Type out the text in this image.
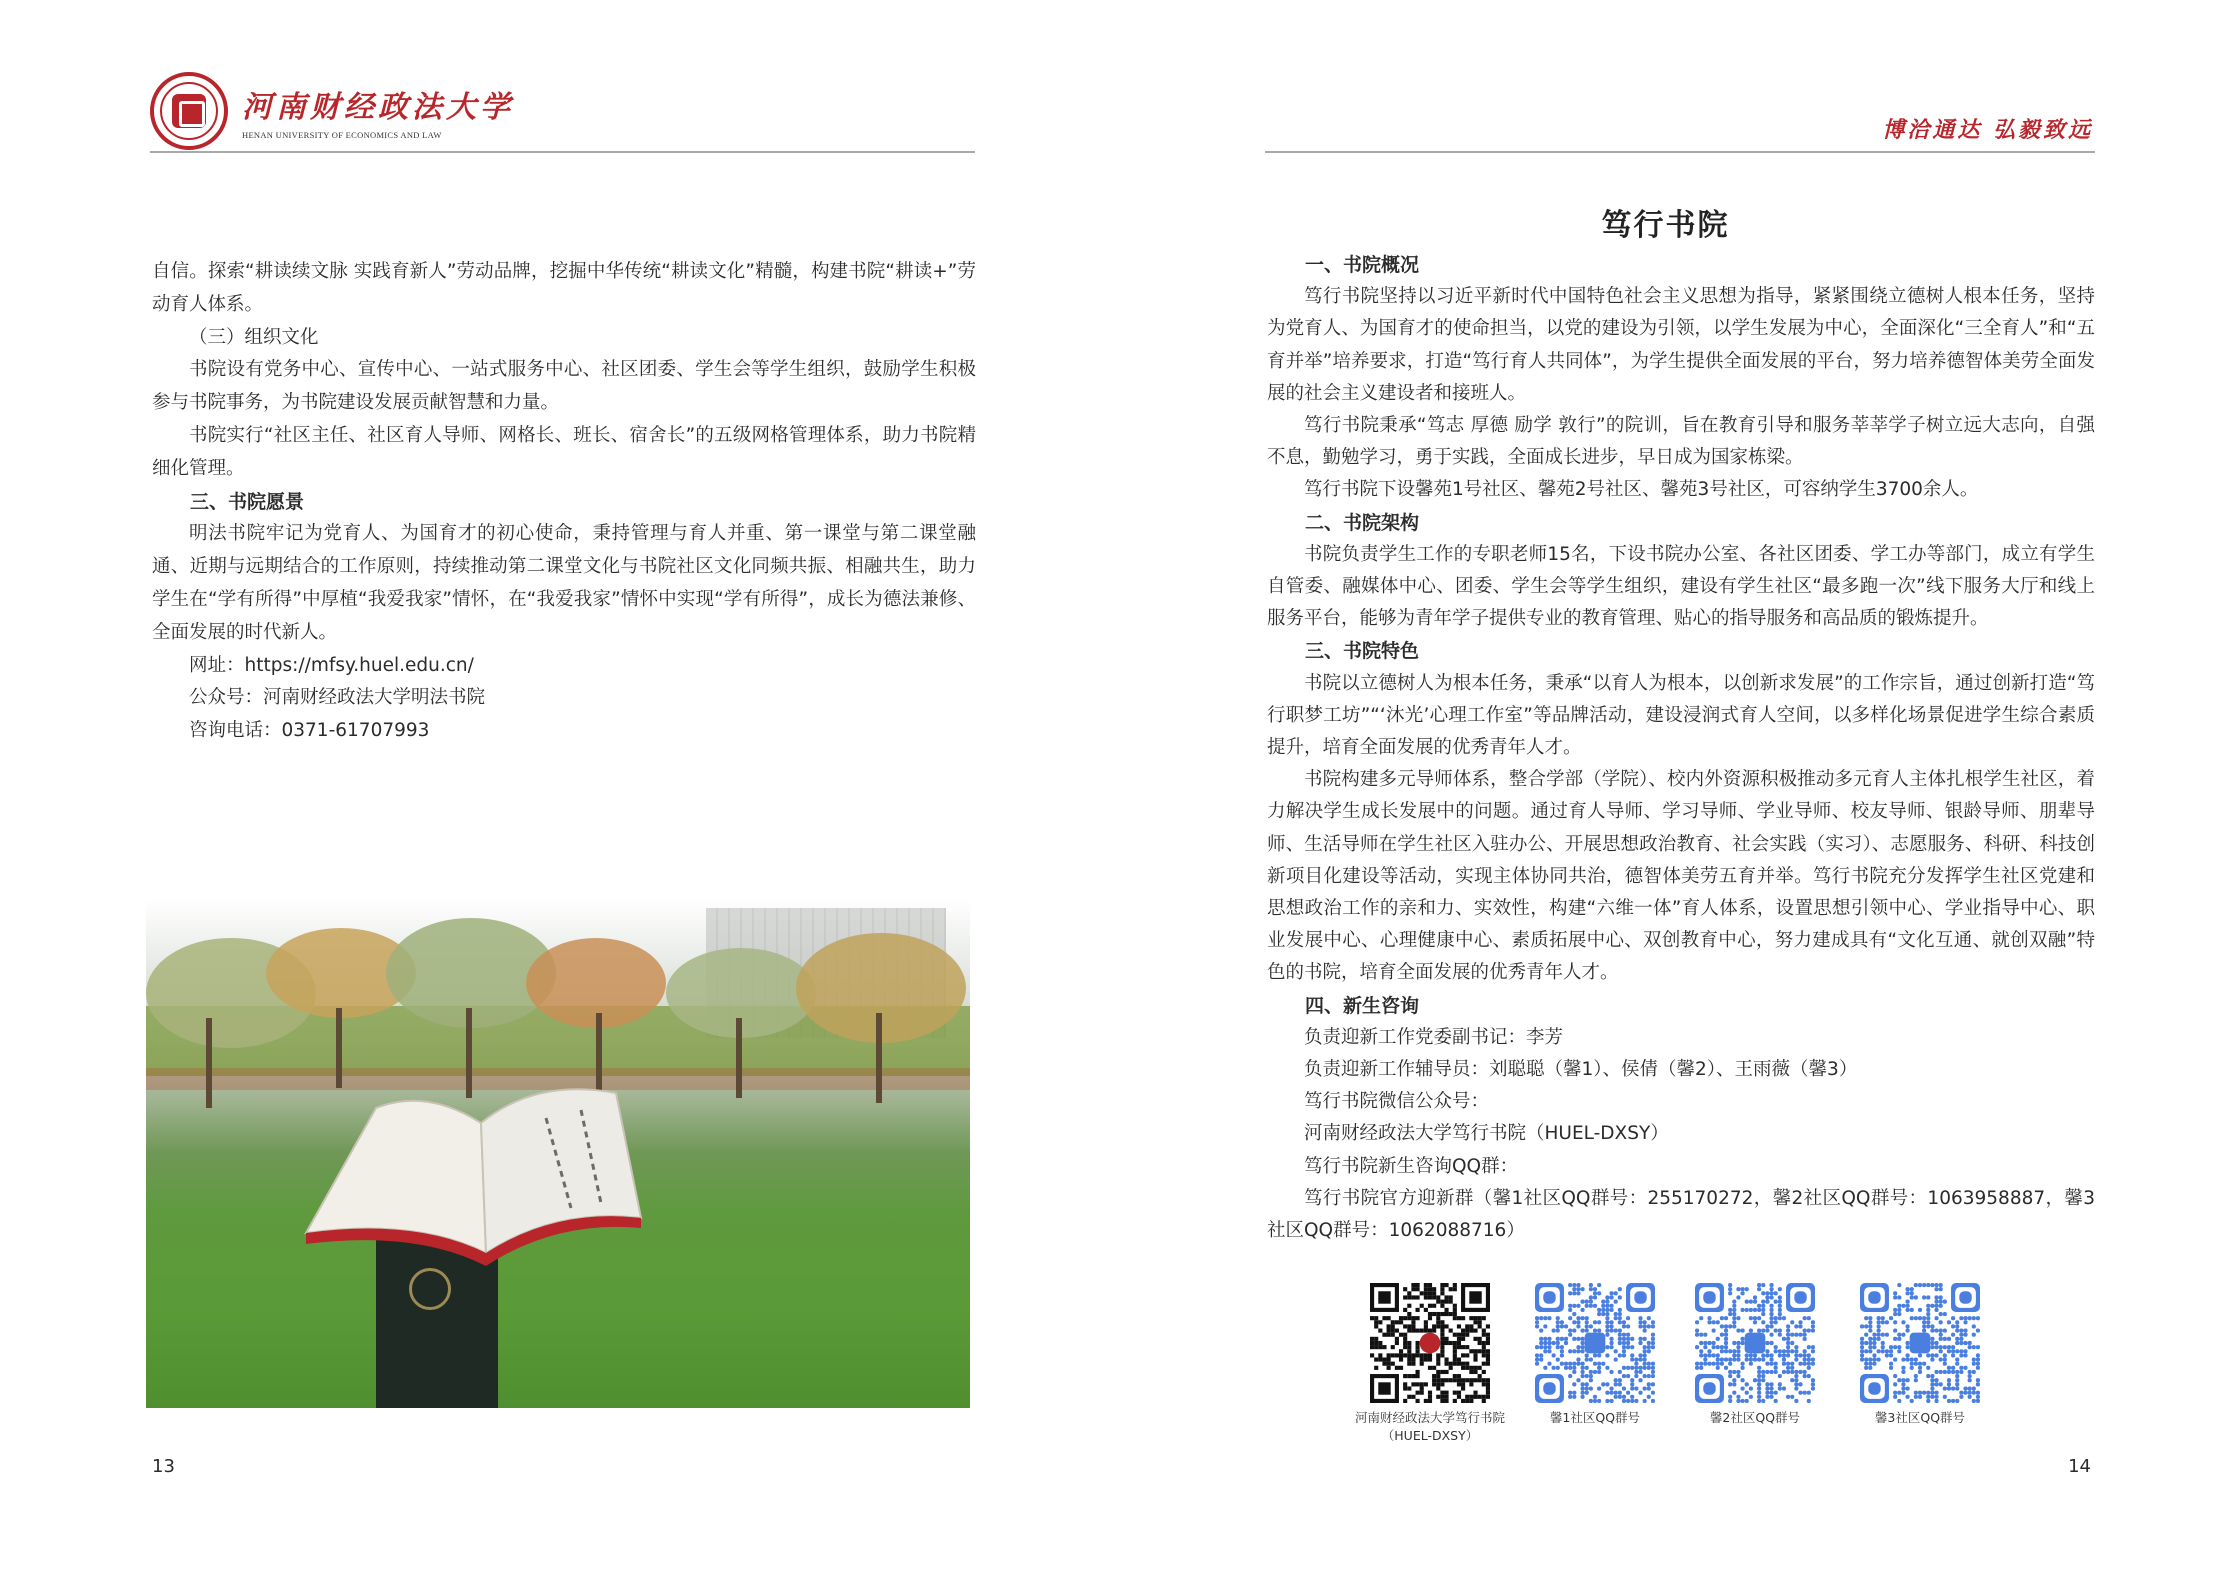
河南财经政法大学
HENAN UNIVERSITY OF ECONOMICS AND LAW

自信。探索“耕读续文脉 实践育新人”劳动品牌，挖掘中华传统“耕读文化”精髓，构建书院“耕读+”劳动育人体系。

（三）组织文化

书院设有党务中心、宣传中心、一站式服务中心、社区团委、学生会等学生组织，鼓励学生积极参与书院事务，为书院建设发展贡献智慧和力量。

书院实行“社区主任、社区育人导师、网格长、班长、宿舍长”的五级网格管理体系，助力书院精细化管理。

三、书院愿景

明法书院牢记为党育人、为国育才的初心使命，秉持管理与育人并重、第一课堂与第二课堂融通、近期与远期结合的工作原则，持续推动第二课堂文化与书院社区文化同频共振、相融共生，助力学生在“学有所得”中厚植“我爱我家”情怀，在“我爱我家”情怀中实现“学有所得”，成长为德法兼修、全面发展的时代新人。

网址：https://mfsy.huel.edu.cn/

公众号：河南财经政法大学明法书院

咨询电话：0371-61707993

13
博洽通达 弘毅致远
笃行书院

一、书院概况

笃行书院坚持以习近平新时代中国特色社会主义思想为指导，紧紧围绕立德树人根本任务，坚持为党育人、为国育才的使命担当，以党的建设为引领，以学生发展为中心，全面深化“三全育人”和“五育并举”培养要求，打造“笃行育人共同体”，为学生提供全面发展的平台，努力培养德智体美劳全面发展的社会主义建设者和接班人。

笃行书院秉承“笃志 厚德 励学 敦行”的院训，旨在教育引导和服务莘莘学子树立远大志向，自强不息，勤勉学习，勇于实践，全面成长进步，早日成为国家栋梁。

笃行书院下设馨苑1号社区、馨苑2号社区、馨苑3号社区，可容纳学生3700余人。

二、书院架构

书院负责学生工作的专职老师15名，下设书院办公室、各社区团委、学工办等部门，成立有学生自管委、融媒体中心、团委、学生会等学生组织，建设有学生社区“最多跑一次”线下服务大厅和线上服务平台，能够为青年学子提供专业的教育管理、贴心的指导服务和高品质的锻炼提升。

三、书院特色

书院以立德树人为根本任务，秉承“以育人为根本，以创新求发展”的工作宗旨，通过创新打造“笃行职梦工坊”“‘沐光’心理工作室”等品牌活动，建设浸润式育人空间，以多样化场景促进学生综合素质提升，培育全面发展的优秀青年人才。

书院构建多元导师体系，整合学部（学院）、校内外资源积极推动多元育人主体扎根学生社区，着力解决学生成长发展中的问题。通过育人导师、学习导师、学业导师、校友导师、银龄导师、朋辈导师、生活导师在学生社区入驻办公、开展思想政治教育、社会实践（实习）、志愿服务、科研、科技创新项目化建设等活动，实现主体协同共治，德智体美劳五育并举。笃行书院充分发挥学生社区党建和思想政治工作的亲和力、实效性，构建“六维一体”育人体系，设置思想引领中心、学业指导中心、职业发展中心、心理健康中心、素质拓展中心、双创教育中心，努力建成具有“文化互通、就创双融”特色的书院，培育全面发展的优秀青年人才。

四、新生咨询

负责迎新工作党委副书记：李芳

负责迎新工作辅导员：刘聪聪（馨1）、侯倩（馨2）、王雨薇（馨3）

笃行书院微信公众号：

河南财经政法大学笃行书院（HUEL-DXSY）

笃行书院新生咨询QQ群：

笃行书院官方迎新群（馨1社区QQ群号：255170272，馨2社区QQ群号：1063958887，馨3社区QQ群号：1062088716）

河南财经政法大学笃行书院
（HUEL-DXSY）
馨1社区QQ群号	馨2社区QQ群号	馨3社区QQ群号
14
